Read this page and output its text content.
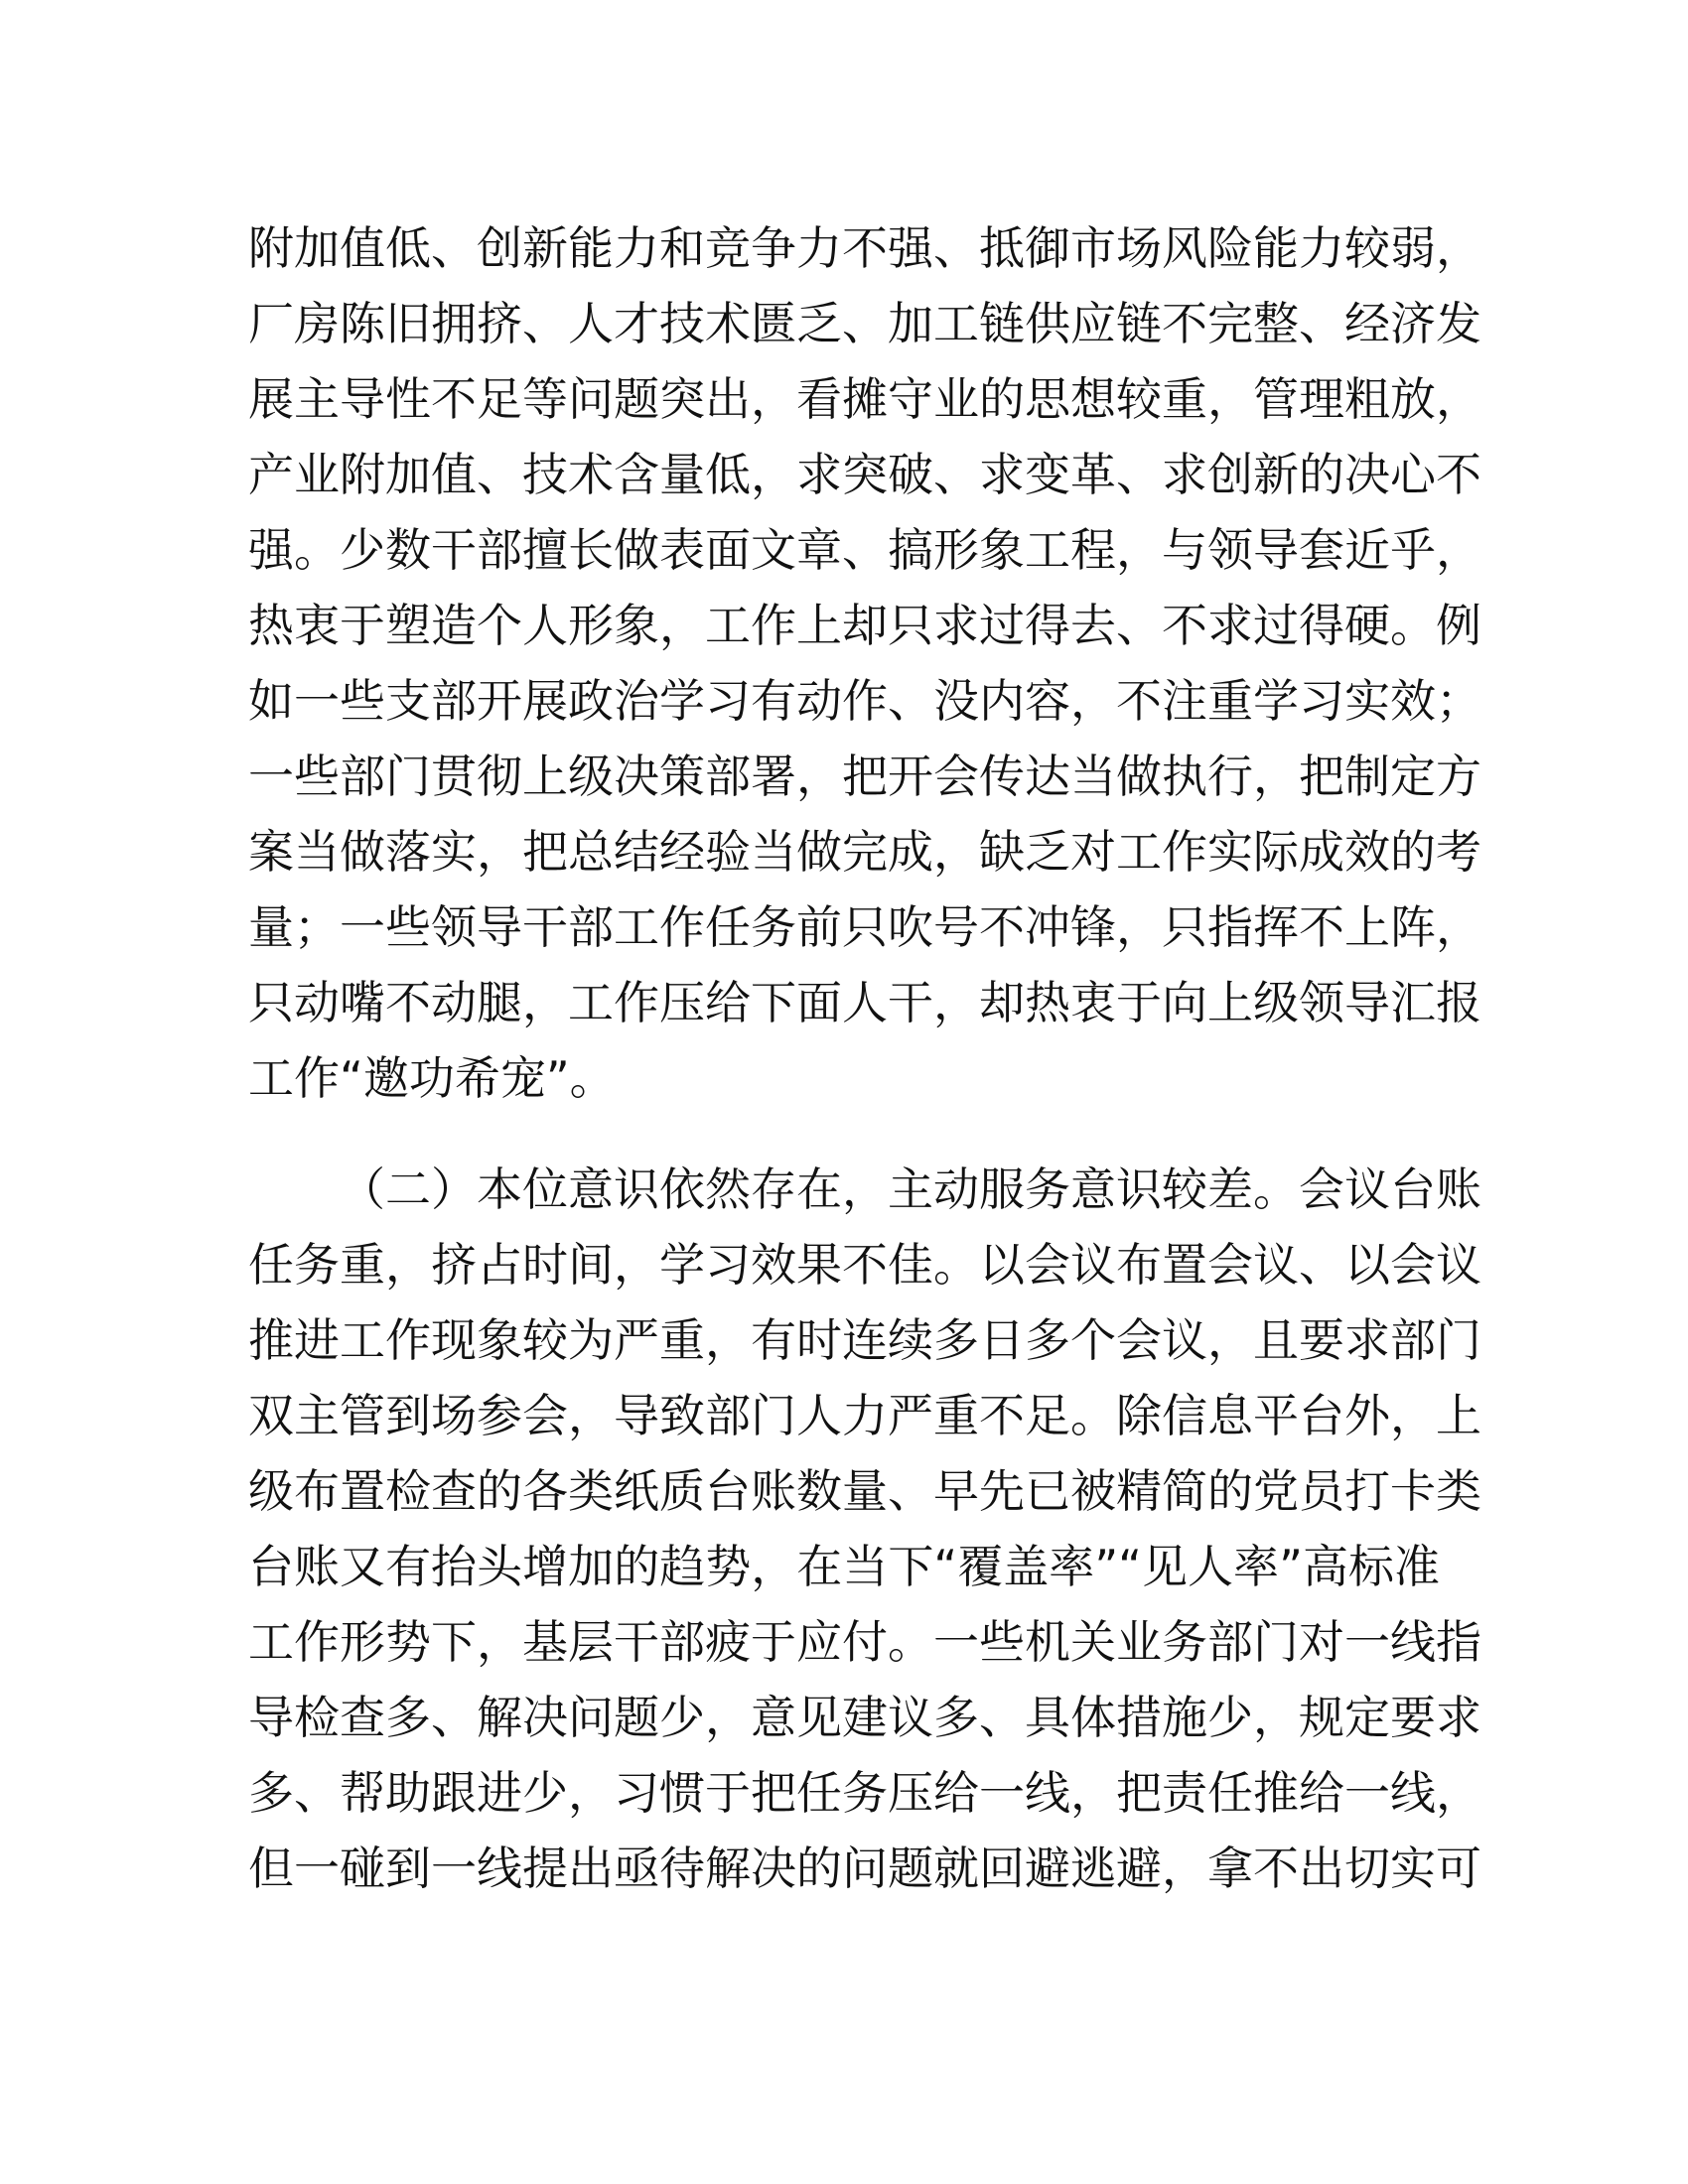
附加值低、创新能力和竞争力不强、抵御市场风险能力较弱，
厂房陈旧拥挤、人才技术匮乏、加工链供应链不完整、经济发
展主导性不足等问题突出，看摊守业的思想较重，管理粗放，
产业附加值、技术含量低，求突破、求变革、求创新的决心不
强。少数干部擅长做表面文章、搞形象工程，与领导套近乎，
热衷于塑造个人形象，工作上却只求过得去、不求过得硬。例
如一些支部开展政治学习有动作、没内容，不注重学习实效；
一些部门贯彻上级决策部署，把开会传达当做执行，把制定方
案当做落实，把总结经验当做完成，缺乏对工作实际成效的考
量；一些领导干部工作任务前只吹号不冲锋，只指挥不上阵，
只动嘴不动腿，工作压给下面人干，却热衷于向上级领导汇报
工作“邀功希宠”。
（二）本位意识依然存在，主动服务意识较差。会议台账
任务重，挤占时间，学习效果不佳。以会议布置会议、以会议
推进工作现象较为严重，有时连续多日多个会议，且要求部门
双主管到场参会，导致部门人力严重不足。除信息平台外，上
级布置检查的各类纸质台账数量、早先已被精简的党员打卡类
台账又有抬头增加的趋势，在当下“覆盖率”“见人率”高标准
工作形势下，基层干部疲于应付。一些机关业务部门对一线指
导检查多、解决问题少，意见建议多、具体措施少，规定要求
多、帮助跟进少，习惯于把任务压给一线，把责任推给一线，
但一碰到一线提出亟待解决的问题就回避逃避，拿不出切实可
